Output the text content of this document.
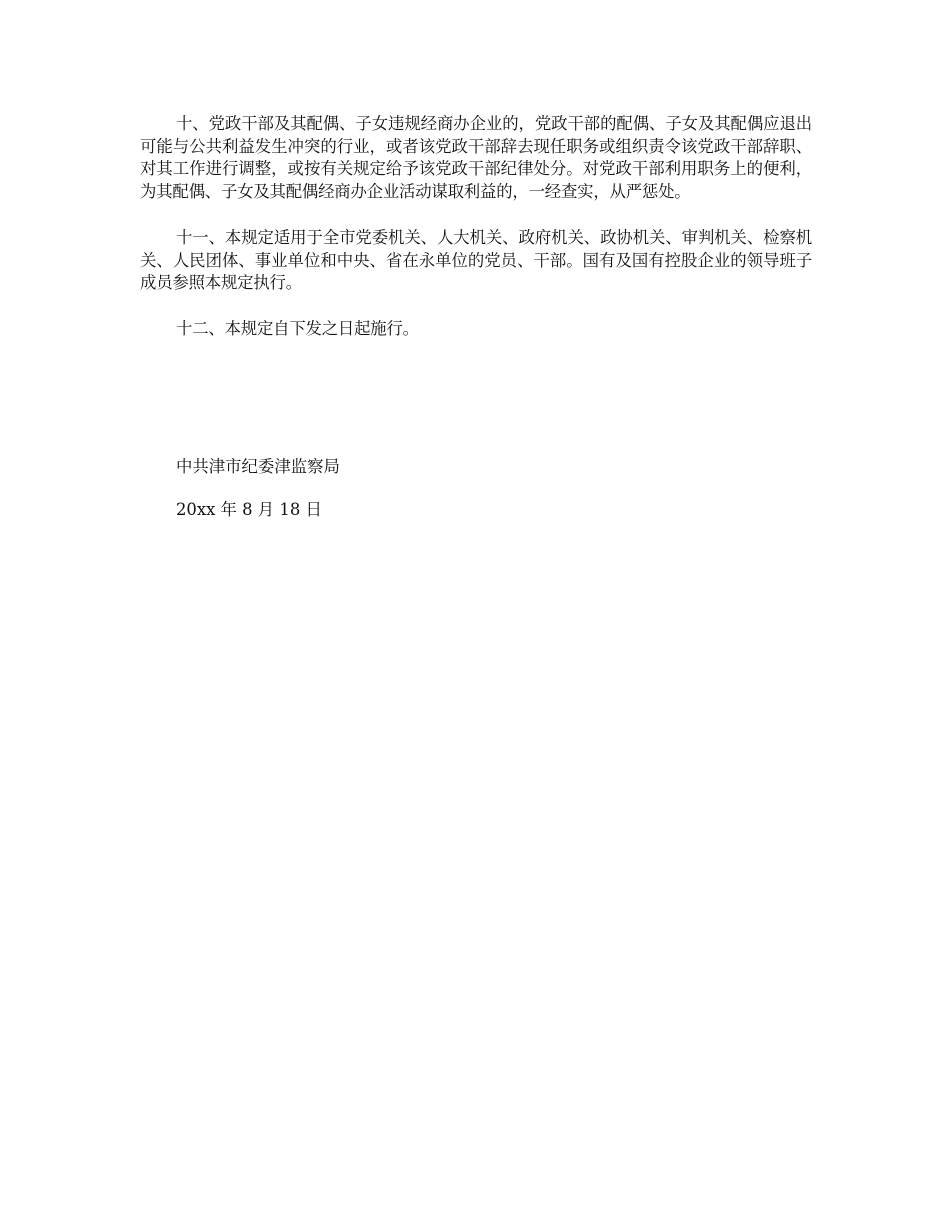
十、党政干部及其配偶、子女违规经商办企业的，党政干部的配偶、子女及其配偶应退出可能与公共利益发生冲突的行业，或者该党政干部辞去现任职务或组织责令该党政干部辞职、对其工作进行调整，或按有关规定给予该党政干部纪律处分。对党政干部利用职务上的便利，为其配偶、子女及其配偶经商办企业活动谋取利益的，一经查实，从严惩处。

十一、本规定适用于全市党委机关、人大机关、政府机关、政协机关、审判机关、检察机关、人民团体、事业单位和中央、省在永单位的党员、干部。国有及国有控股企业的领导班子成员参照本规定执行。

十二、本规定自下发之日起施行。

中共津市纪委津监察局

20xx 年 8 月 18 日
